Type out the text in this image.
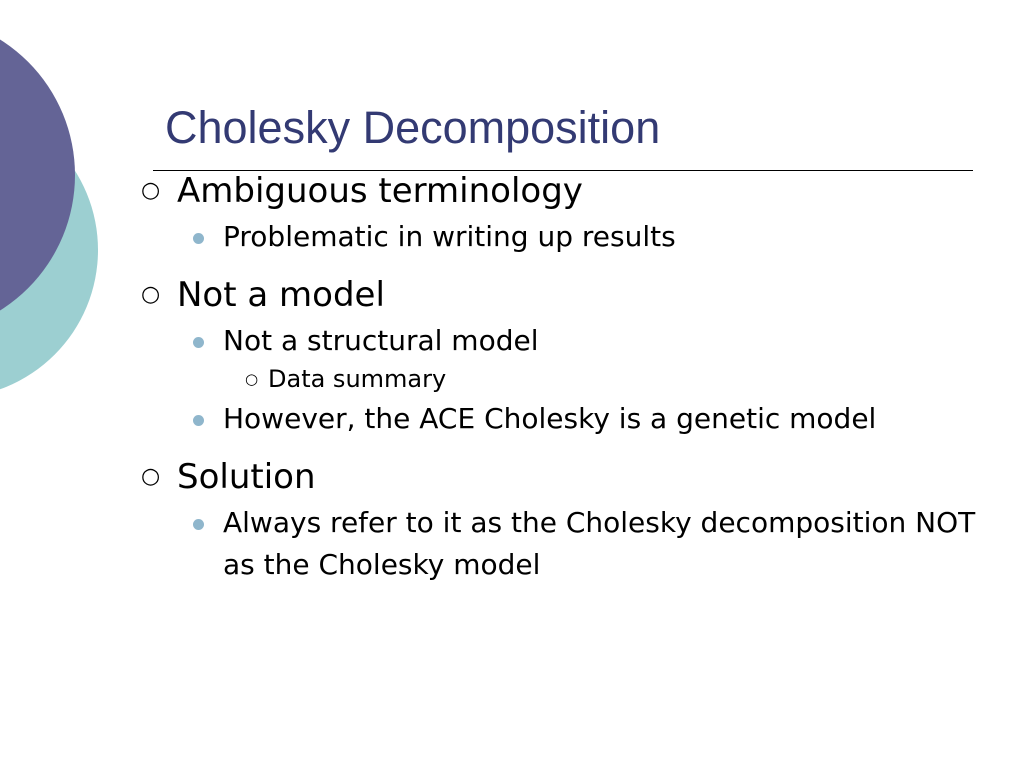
Cholesky Decomposition
○ Ambiguous terminology
Problematic in writing up results
○ Not a model
Not a structural model
○ Data summary
However, the ACE Cholesky is a genetic model
○ Solution
Always refer to it as the Cholesky decomposition NOT as the Cholesky model
